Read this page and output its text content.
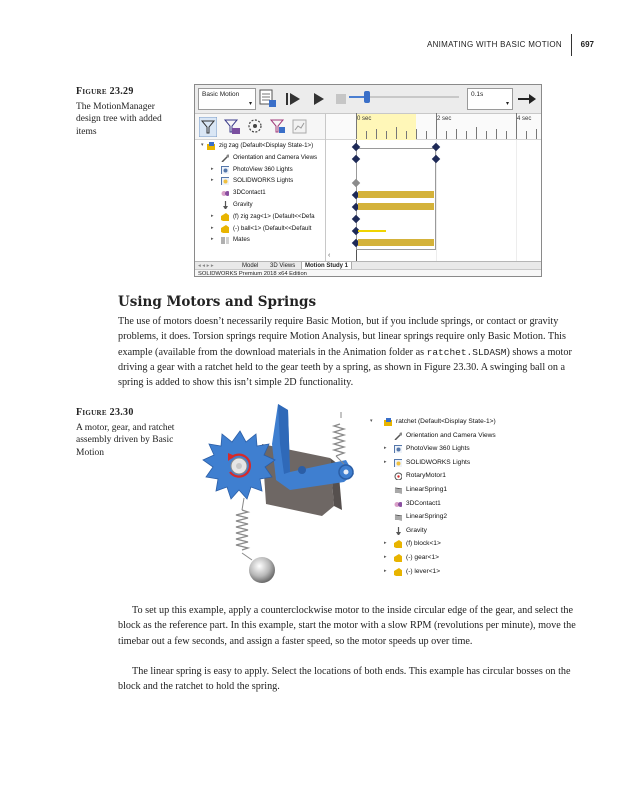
ANIMATING WITH BASIC MOTION 697
Figure 23.29
The MotionManager design tree with added items
Basic Motion
▾
0.1s
▾
▾ zig zag (Default<Display State-1>)
Orientation and Camera Views
▸	PhotoView 360 Lights
▸	SOLIDWORKS Lights
3DContact1
Gravity
▸	(f) zig zag<1> (Default<<Defa
▸	(-) ball<1> (Default<<Default
▸	Mates
0 sec	2 sec	4 sec
‹
◂ ◂ ▸ ▸	Model	3D Views	Motion Study 1
SOLIDWORKS Premium 2018 x64 Edition
Using Motors and Springs

The use of motors doesn’t necessarily require Basic Motion, but if you include springs, or contact or gravity problems, it does. Torsion springs require Motion Analysis, but linear springs require only Basic Motion. This example (available from the download materials in the Animation folder as ratchet.SLDASM) shows a motor driving a gear with a ratchet held to the gear teeth by a spring, as shown in Figure 23.30. A swinging ball on a spring is added to show this isn’t simple 2D functionality.

Figure 23.30
A motor, gear, and ratchet assembly driven by Basic Motion
▾	ratchet (Default<Display State-1>)
Orientation and Camera Views
▸	PhotoView 360 Lights
▸	SOLIDWORKS Lights
RotaryMotor1
LinearSpring1
3DContact1
LinearSpring2
Gravity
▸	(f) block<1>
▸	(-) gear<1>
▸	(-) lever<1>

To set up this example, apply a counterclockwise motor to the inside circular edge of the gear, and select the block as the reference part. In this example, start the motor with a slow RPM (revolutions per minute), move the timebar out a few seconds, and assign a faster speed, so the motor speeds up over time.

The linear spring is easy to apply. Select the locations of both ends. This example has circular bosses on the block and the ratchet to hold the spring.
